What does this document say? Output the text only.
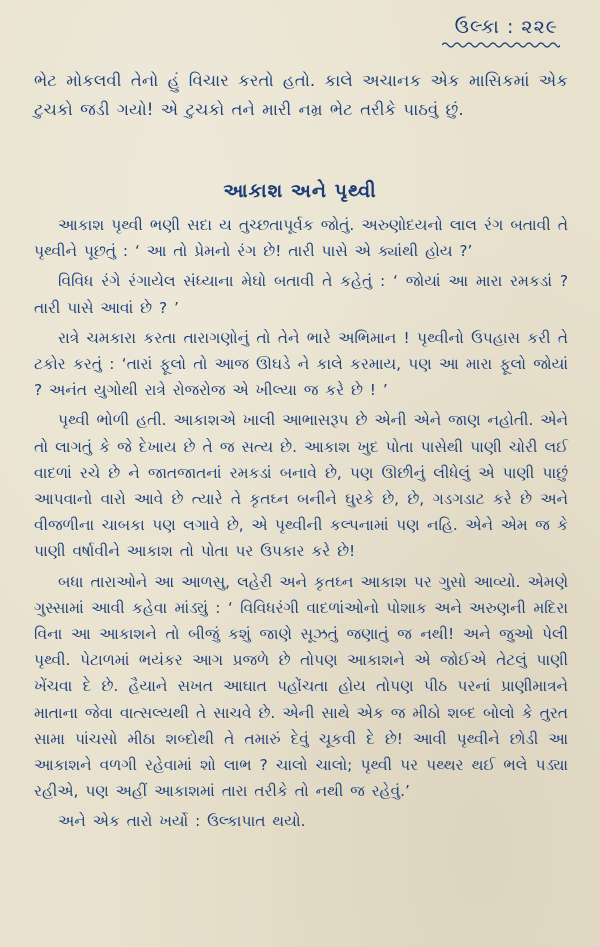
ઉલ્કા : ૨૨૯
ભેટ મોકલવી તેનો હું વિચાર કરતો હતો. કાલે અચાનક એક માસિકમાં એક ટુચકો જડી ગયો! એ ટુચકો તને મારી નમ્ર ભેટ તરીકે પાઠવું છું.
આકાશ અને પૃથ્વી

આકાશ પૃથ્વી ભણી સદા ય તુચ્છતાપૂર્વક જોતું. અરુણોદયનો લાલ રંગ બતાવી તે પૃથ્વીને પૂછતું : ‘ આ તો પ્રેમનો રંગ છે! તારી પાસે એ ક્યાંથી હોય ?’

વિવિધ રંગે રંગાયેલ સંધ્યાના મેઘો બતાવી તે કહેતું : ‘ જોયાં આ મારા રમકડાં ? તારી પાસે આવાં છે ? ’

રાત્રે ચમકારા કરતા તારાગણોનું તો તેને ભારે અભિમાન ! પૃથ્વીનો ઉપહાસ કરી તે ટકોર કરતું : ‘તારાં ફૂલો તો આજ ઊઘડે ને કાલે કરમાય, પણ આ મારા ફૂલો જોયાં ? અનંત યુગોથી રાત્રે રોજરોજ એ ખીલ્યા જ કરે છે ! ’

પૃથ્વી ભોળી હતી. આકાશએ ખાલી આભાસરૂપ છે એની એને જાણ નહોતી. એને તો લાગતું કે જે દેખાય છે તે જ સત્ય છે. આકાશ ખુદ પોતા પાસેથી પાણી ચોરી લઈ વાદળાં રચે છે ને જાતજાતનાં રમકડાં બનાવે છે, પણ ઊછીનું લીધેલું એ પાણી પાછું આપવાનો વારો આવે છે ત્યારે તે કૃતઘ્ન બનીને ઘુરકે છે, છે, ગડગડાટ કરે છે અને વીજળીના ચાબકા પણ લગાવે છે, એ પૃથ્વીની કલ્પનામાં પણ નહિ. એને એમ જ કે પાણી વર્ષાવીને આકાશ તો પોતા પર ઉપકાર કરે છે!

બધા તારાઓને આ આળસુ, લહેરી અને કૃતઘ્ન આકાશ પર ગુસો આવ્યો. એમણે ગુસ્સામાં આવી કહેવા માંડ્યું : ‘ વિવિધરંગી વાદળાંઓનો પોશાક અને અરુણની મદિરા વિના આ આકાશને તો બીજું કશું જાણે સૂઝતું જણાતું જ નથી! અને જુઓ પેલી પૃથ્વી. પેટાળમાં ભયંકર આગ પ્રજળે છે તોપણ આકાશને એ જોઈએ તેટલું પાણી ખેંચવા દે છે. હૈયાને સખત આઘાત પહોંચતા હોય તોપણ પીઠ પરનાં પ્રાણીમાત્રને માતાના જેવા વાત્સલ્યથી તે સાચવે છે. એની સાથે એક જ મીઠો શબ્દ બોલો કે તુરત સામા પાંચસો મીઠા શબ્દોથી તે તમારું દેવું ચૂકવી દે છે! આવી પૃથ્વીને છોડી આ આકાશને વળગી રહેવામાં શો લાભ ? ચાલો ચાલો; પૃથ્વી પર પથ્થર થઈ ભલે પડ્યા રહીએ, પણ અહીં આકાશમાં તારા તરીકે તો નથી જ રહેવું.’

અને એક તારો ખર્યો : ઉલ્કાપાત થયો.
